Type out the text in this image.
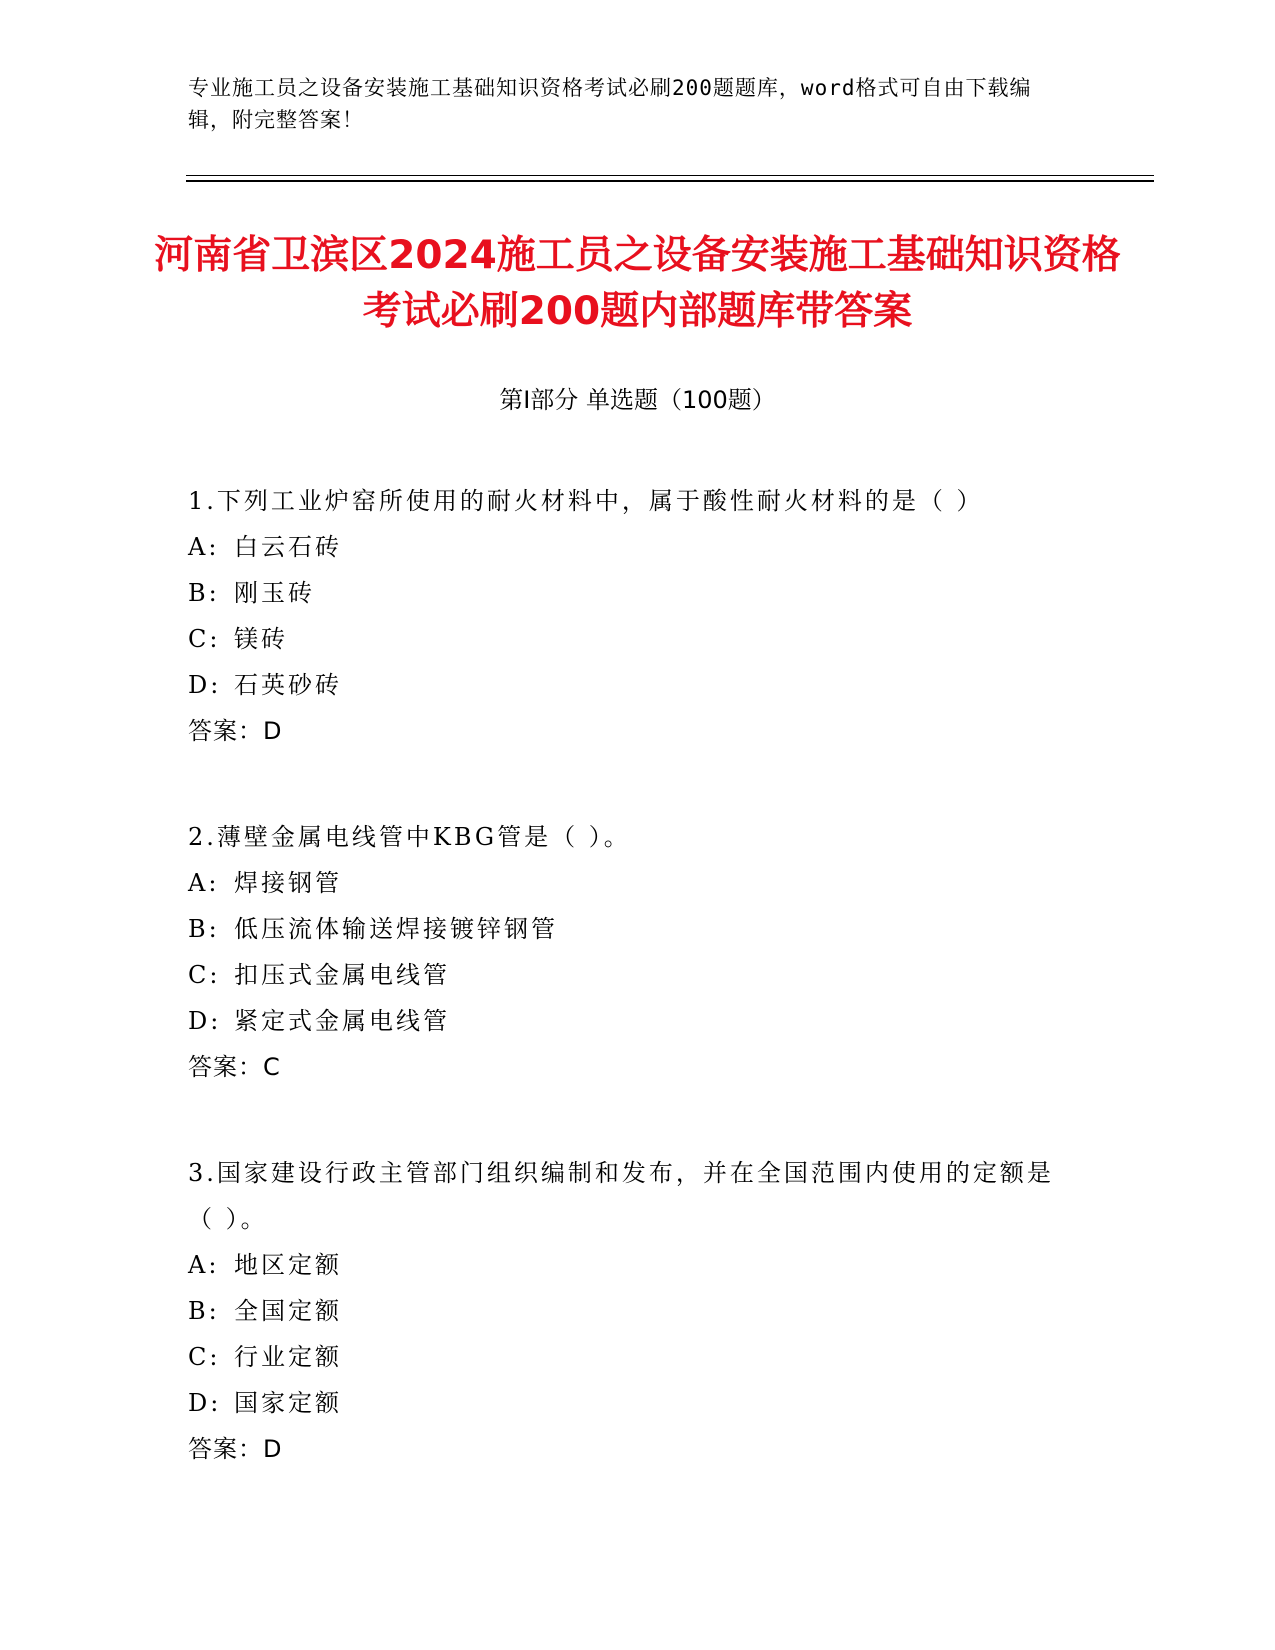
专业施工员之设备安装施工基础知识资格考试必刷200题题库，word格式可自由下载编辑，附完整答案！
河南省卫滨区2024施工员之设备安装施工基础知识资格考试必刷200题内部题库带答案
第Ⅰ部分 单选题（100题）
1.下列工业炉窑所使用的耐火材料中，属于酸性耐火材料的是（ ）
A: 白云石砖
B: 刚玉砖
C: 镁砖
D: 石英砂砖
答案：D
2.薄壁金属电线管中KBG管是（ ）。
A: 焊接钢管
B: 低压流体输送焊接镀锌钢管
C: 扣压式金属电线管
D: 紧定式金属电线管
答案：C
3.国家建设行政主管部门组织编制和发布，并在全国范围内使用的定额是（ ）。
A: 地区定额
B: 全国定额
C: 行业定额
D: 国家定额
答案：D
